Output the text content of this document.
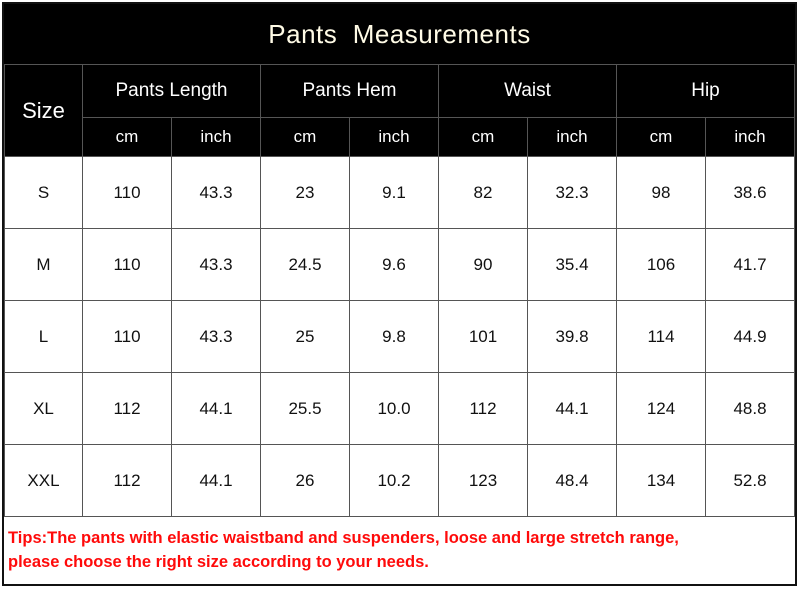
Pants  Measurements
Size	Pants Length		Pants Hem		Waist		Hip	
	cm	inch	cm	inch	cm	inch	cm	inch
S	110	43.3	23	9.1	82	32.3	98	38.6
M	110	43.3	24.5	9.6	90	35.4	106	41.7
L	110	43.3	25	9.8	101	39.8	114	44.9
XL	112	44.1	25.5	10.0	112	44.1	124	48.8
XXL	112	44.1	26	10.2	123	48.4	134	52.8
Tips:The pants with elastic waistband and suspenders, loose and large stretch range,
please choose the right size according to your needs.
